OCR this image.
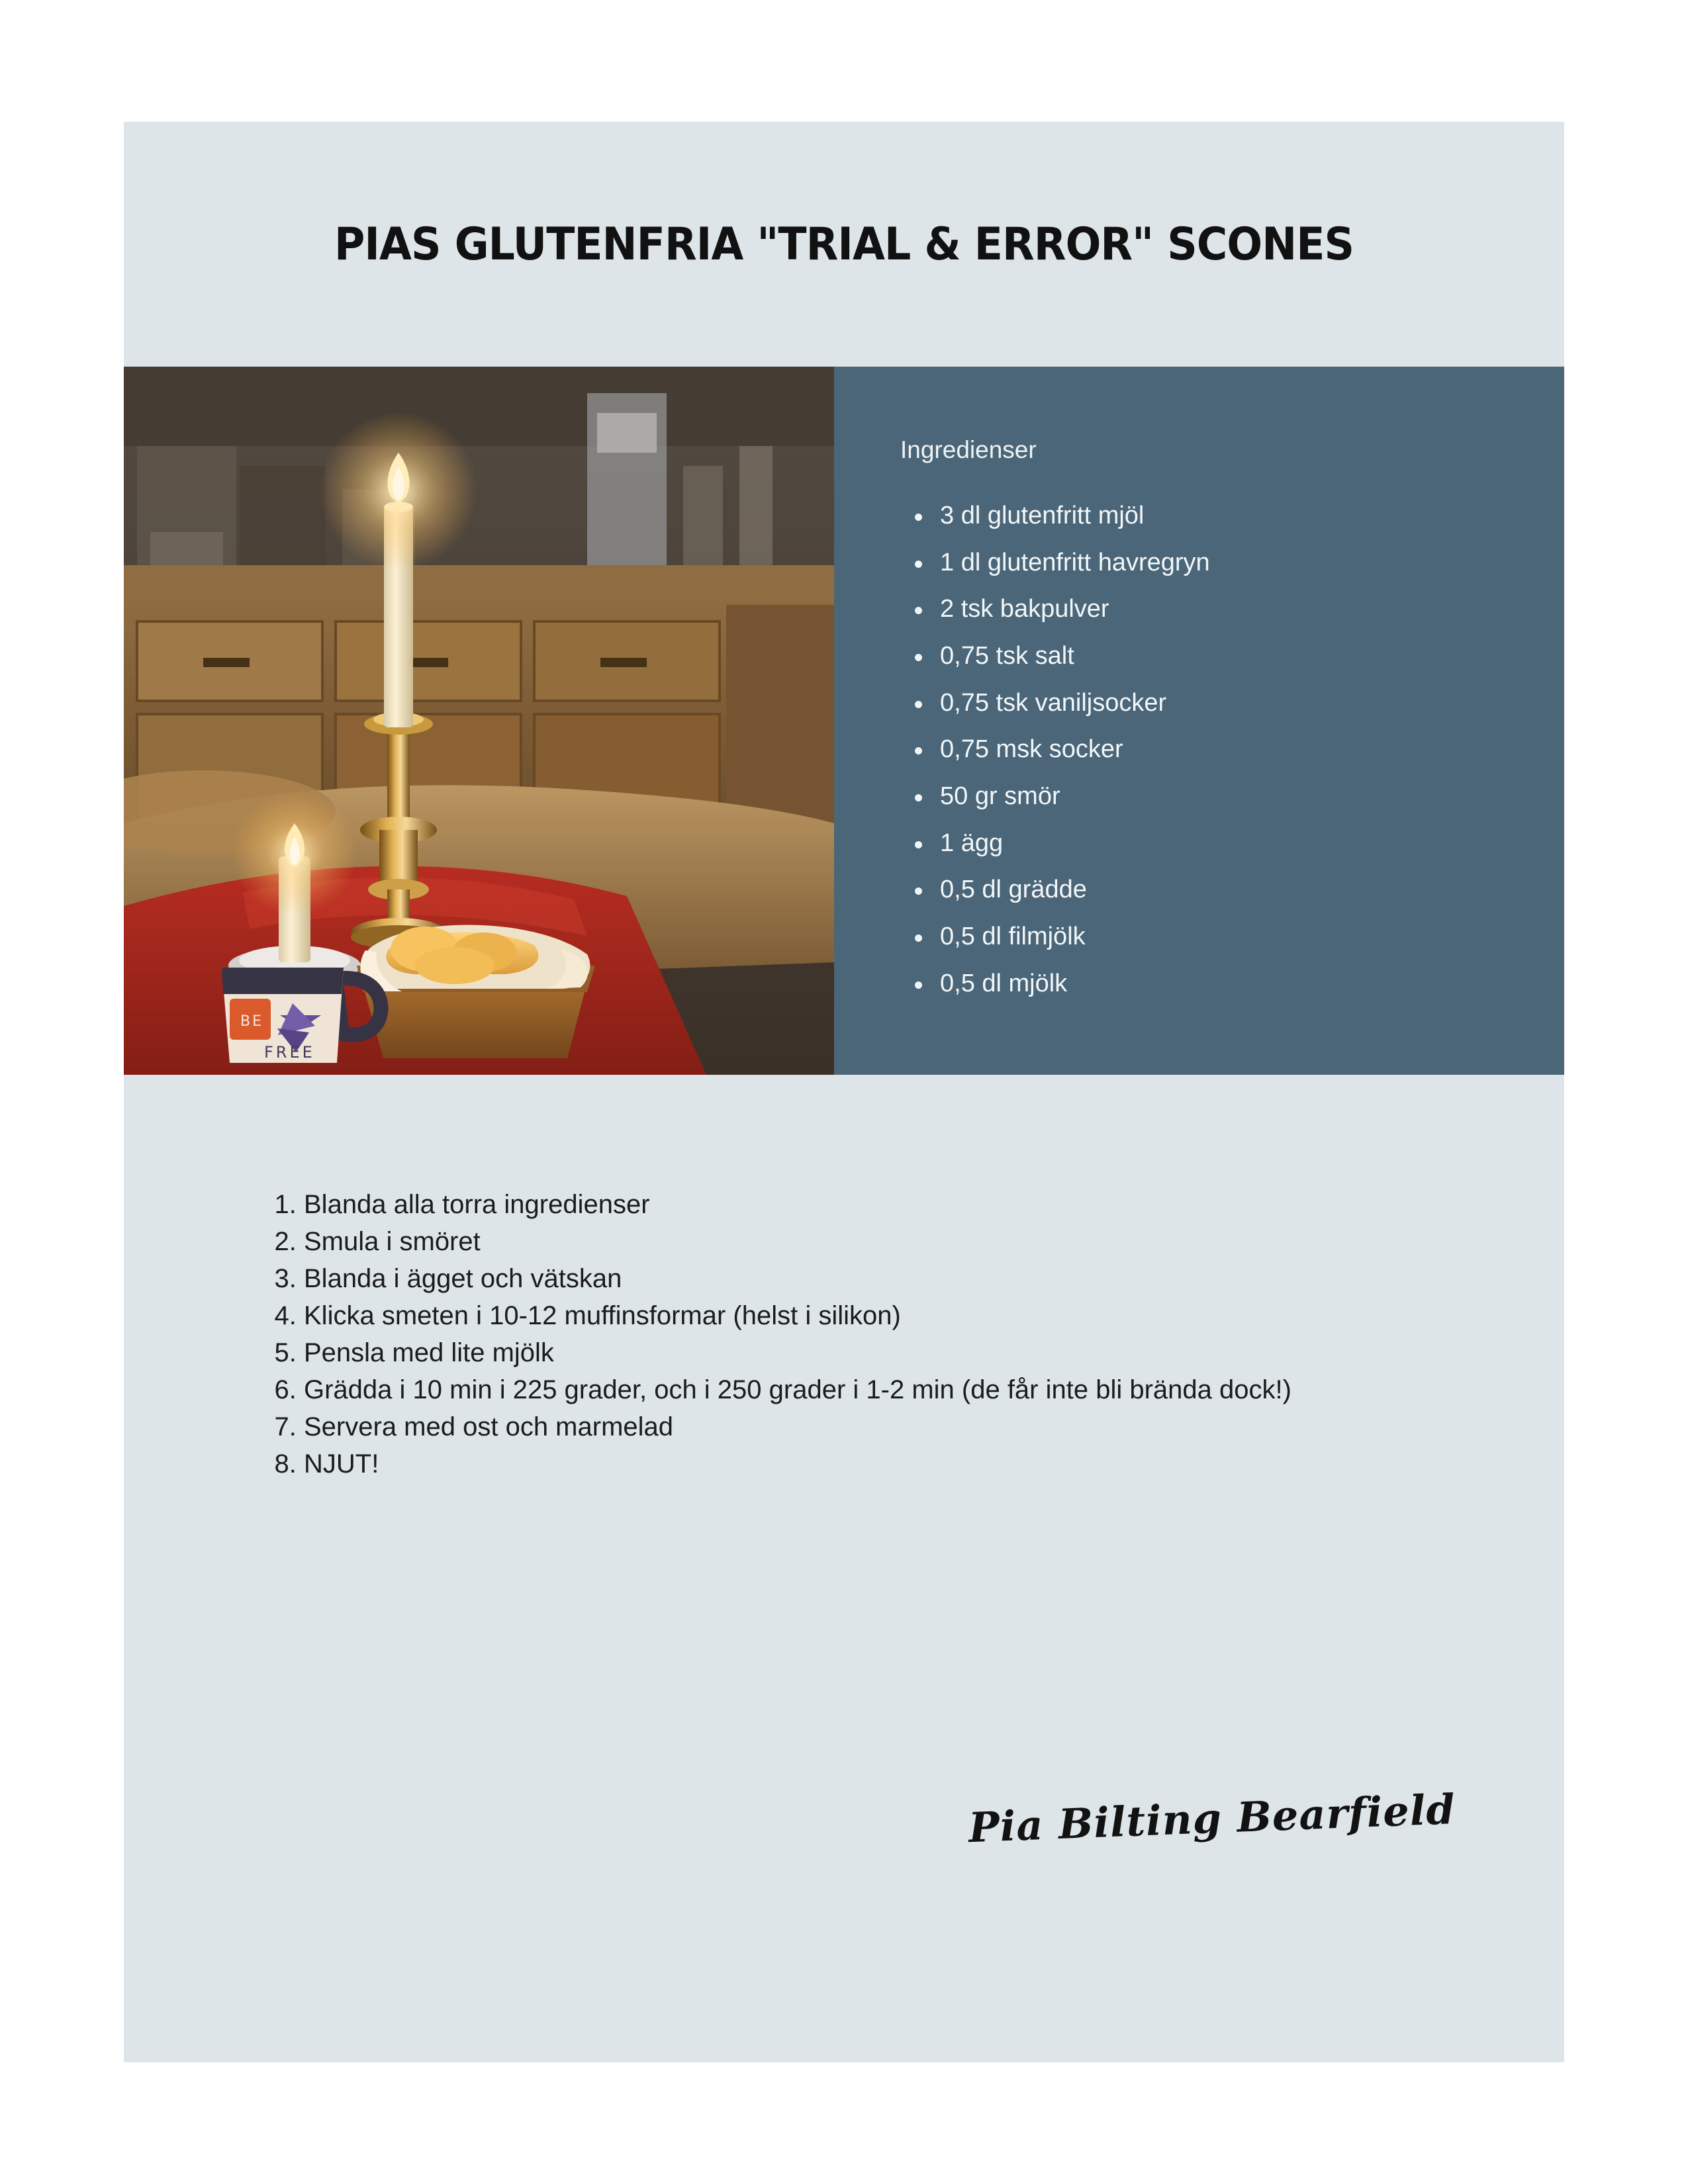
PIAS GLUTENFRIA "TRIAL & ERROR" SCONES
BE
FREE
Ingredienser
3 dl glutenfritt mjöl
1 dl glutenfritt havregryn
2 tsk bakpulver
0,75 tsk salt
0,75 tsk vaniljsocker
0,75 msk socker
50 gr smör
1 ägg
0,5 dl grädde
0,5 dl filmjölk
0,5 dl mjölk
1. Blanda alla torra ingredienser
2. Smula i smöret
3. Blanda i ägget och vätskan
4. Klicka smeten i 10-12 muffinsformar (helst i silikon)
5. Pensla med lite mjölk
6. Grädda i 10 min i 225 grader, och i 250 grader i 1-2 min (de får inte bli brända dock!)
7. Servera med ost och marmelad
8. NJUT!
Pia Bilting Bearfield
